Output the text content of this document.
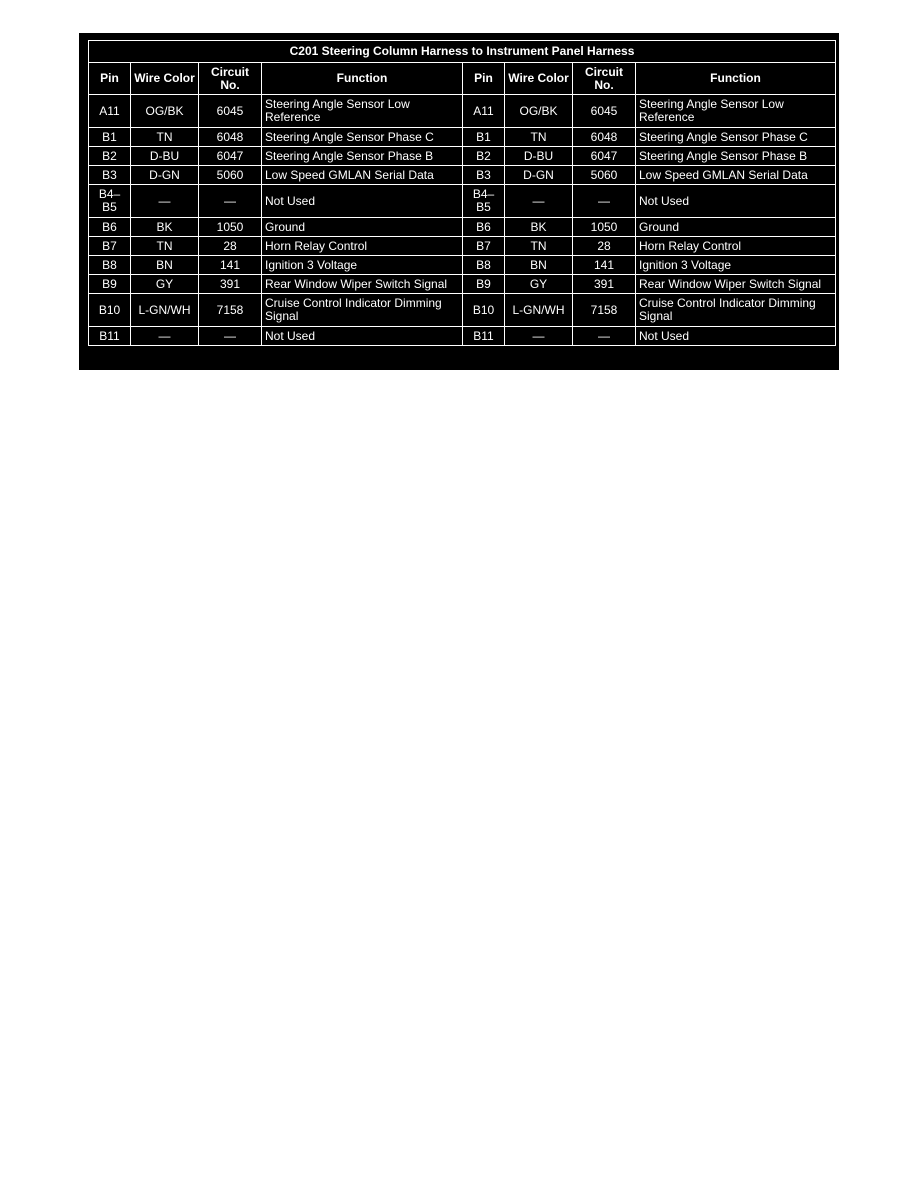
C201 Steering Column Harness to Instrument Panel Harness							
Pin	Wire Color	Circuit No.	Function	Pin	Wire Color	Circuit No.	Function
A11	OG/BK	6045	Steering Angle Sensor Low Reference	A11	OG/BK	6045	Steering Angle Sensor Low Reference
B1	TN	6048	Steering Angle Sensor Phase C	B1	TN	6048	Steering Angle Sensor Phase C
B2	D-BU	6047	Steering Angle Sensor Phase B	B2	D-BU	6047	Steering Angle Sensor Phase B
B3	D-GN	5060	Low Speed GMLAN Serial Data	B3	D-GN	5060	Low Speed GMLAN Serial Data
B4–B5	—	—	Not Used	B4–B5	—	—	Not Used
B6	BK	1050	Ground	B6	BK	1050	Ground
B7	TN	28	Horn Relay Control	B7	TN	28	Horn Relay Control
B8	BN	141	Ignition 3 Voltage	B8	BN	141	Ignition 3 Voltage
B9	GY	391	Rear Window Wiper Switch Signal	B9	GY	391	Rear Window Wiper Switch Signal
B10	L-GN/WH	7158	Cruise Control Indicator Dimming Signal	B10	L-GN/WH	7158	Cruise Control Indicator Dimming Signal
B11	—	—	Not Used	B11	—	—	Not Used
